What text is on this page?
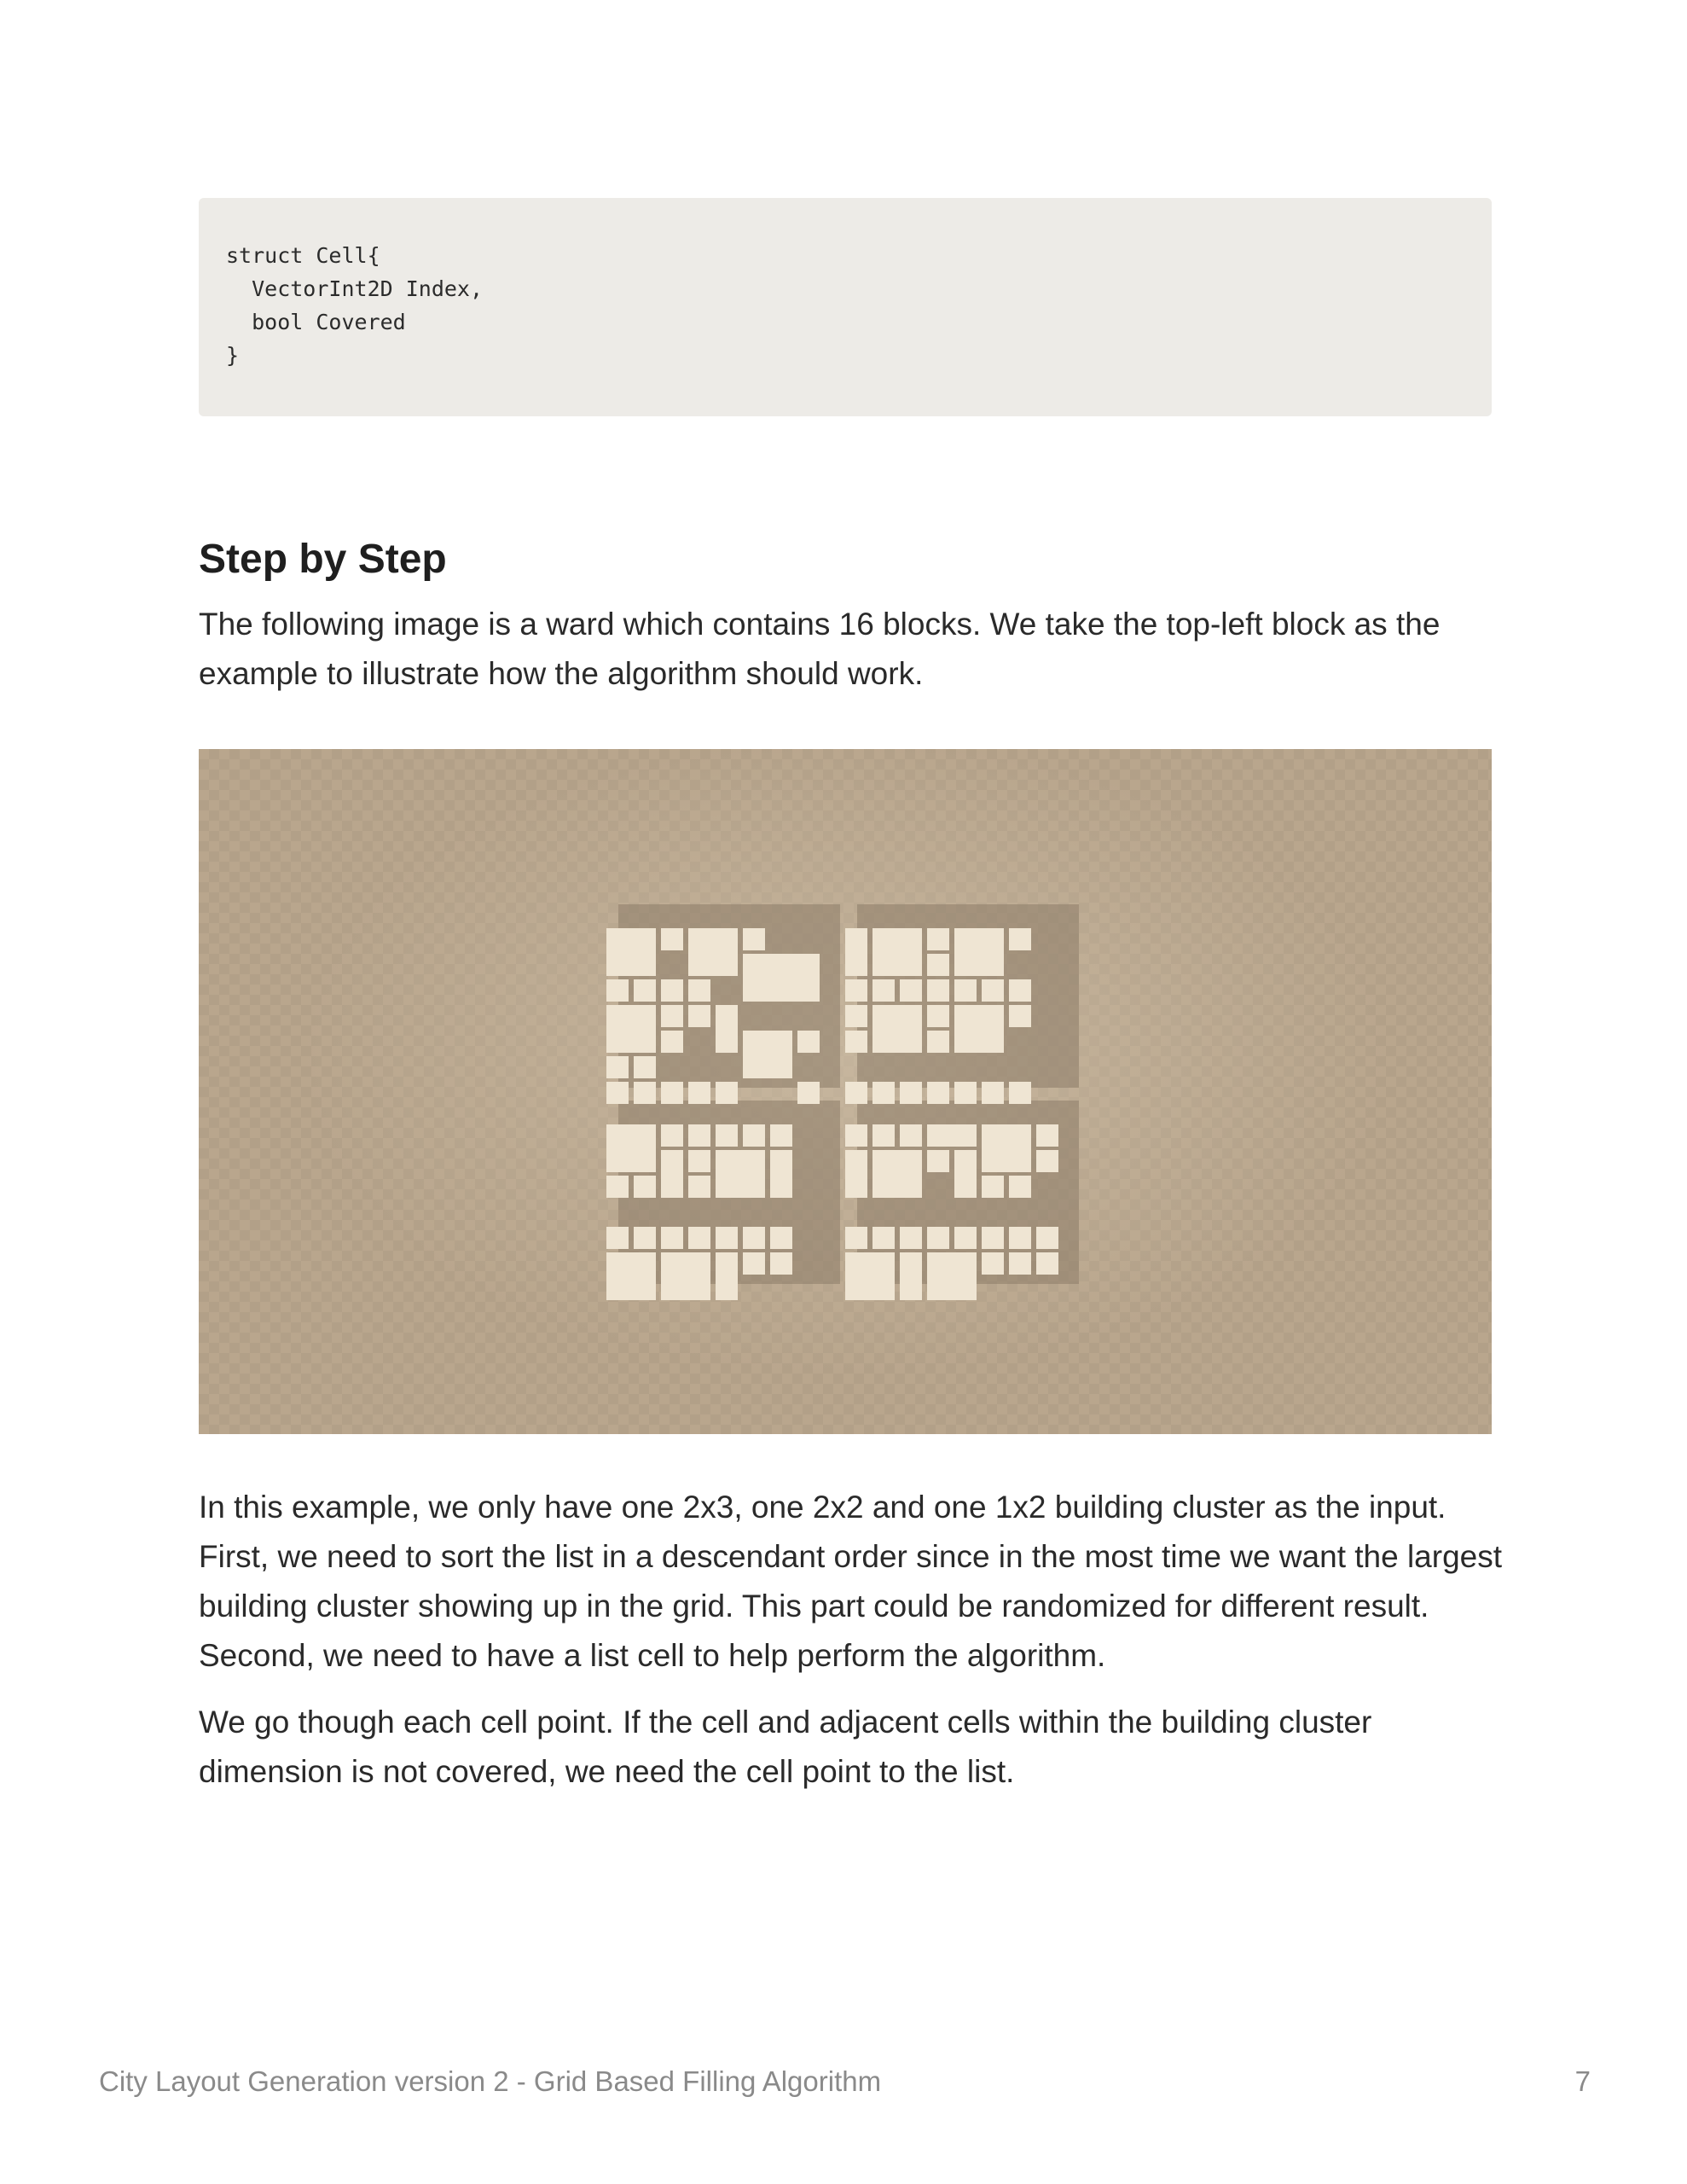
struct Cell{

VectorInt2D Index,

bool Covered

}

Step by Step

The following image is a ward which contains 16 blocks. We take the top-left block as the example to illustrate how the algorithm should work.

In this example, we only have one 2x3, one 2x2 and one 1x2 building cluster as the input. First, we need to sort the list in a descendant order since in the most time we want the largest building cluster showing up in the grid. This part could be randomized for different result. Second, we need to have a list cell to help perform the algorithm.

We go though each cell point. If the cell and adjacent cells within the building cluster dimension is not covered, we need the cell point to the list.

City Layout Generation version 2 - Grid Based Filling Algorithm	7
